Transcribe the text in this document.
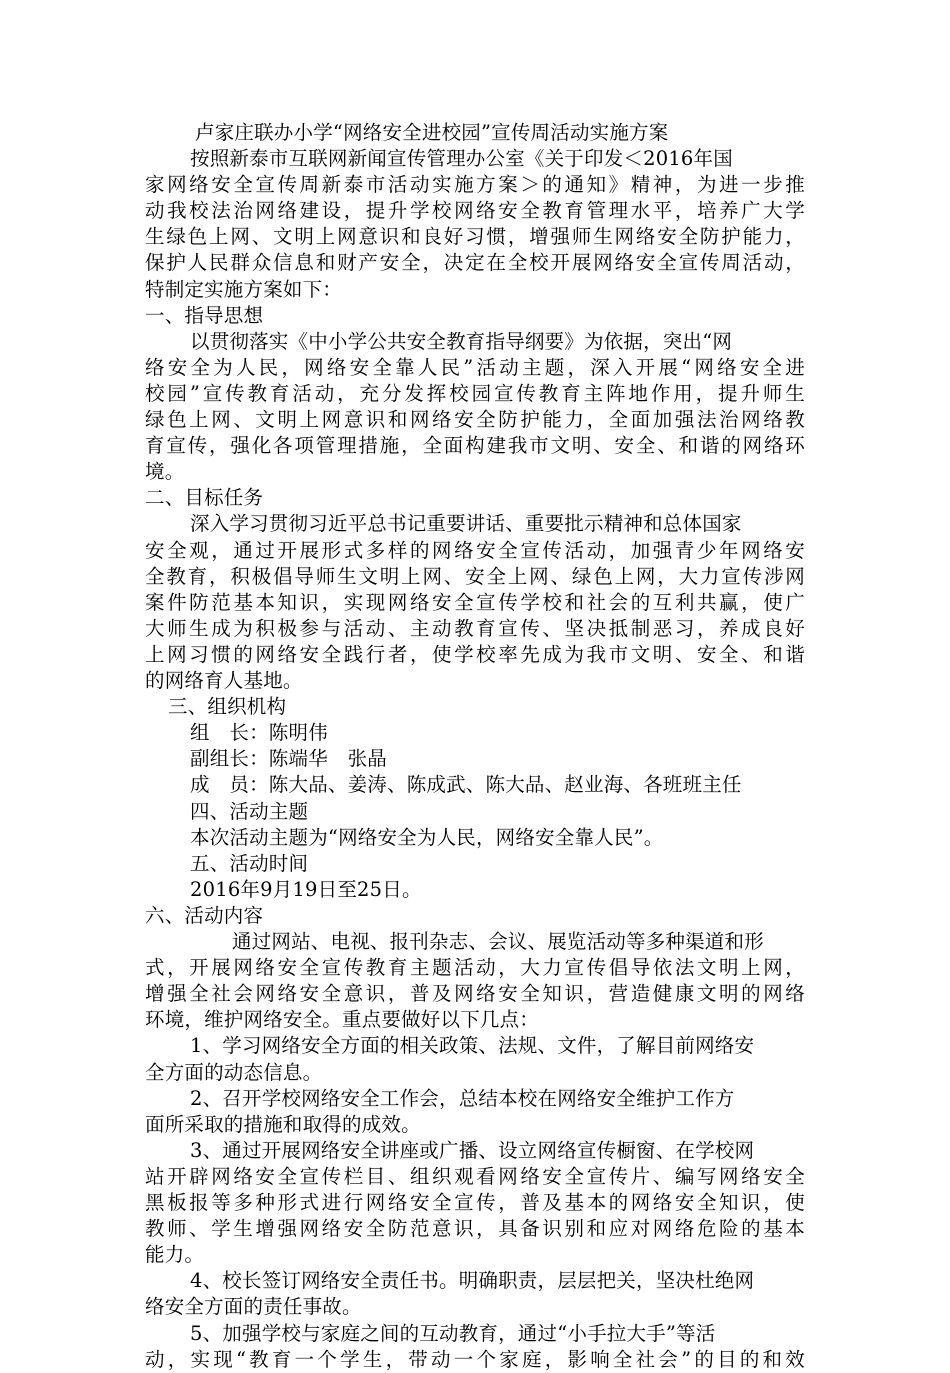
卢家庄联办小学“网络安全进校园”宣传周活动实施方案
按照新泰市互联网新闻宣传管理办公室《关于印发＜2016年国
家网络安全宣传周新泰市活动实施方案＞的通知》精神，为进一步推
动我校法治网络建设，提升学校网络安全教育管理水平，培养广大学
生绿色上网、文明上网意识和良好习惯，增强师生网络安全防护能力，
保护人民群众信息和财产安全，决定在全校开展网络安全宣传周活动，
特制定实施方案如下：
一、指导思想
以贯彻落实《中小学公共安全教育指导纲要》为依据，突出“网
络安全为人民，网络安全靠人民”活动主题，深入开展“网络安全进
校园”宣传教育活动，充分发挥校园宣传教育主阵地作用，提升师生
绿色上网、文明上网意识和网络安全防护能力，全面加强法治网络教
育宣传，强化各项管理措施，全面构建我市文明、安全、和谐的网络环
境。
二、目标任务
深入学习贯彻习近平总书记重要讲话、重要批示精神和总体国家
安全观，通过开展形式多样的网络安全宣传活动，加强青少年网络安
全教育，积极倡导师生文明上网、安全上网、绿色上网，大力宣传涉网
案件防范基本知识，实现网络安全宣传学校和社会的互利共赢，使广
大师生成为积极参与活动、主动教育宣传、坚决抵制恶习，养成良好
上网习惯的网络安全践行者，使学校率先成为我市文明、安全、和谐
的网络育人基地。
三、组织机构
组　长：陈明伟
副组长：陈端华　张晶
成　员：陈大品、姜涛、陈成武、陈大品、赵业海、各班班主任
四、活动主题
本次活动主题为“网络安全为人民，网络安全靠人民”。
五、活动时间
2016年9月19日至25日。
六、活动内容
通过网站、电视、报刊杂志、会议、展览活动等多种渠道和形
式，开展网络安全宣传教育主题活动，大力宣传倡导依法文明上网，
增强全社会网络安全意识，普及网络安全知识，营造健康文明的网络
环境，维护网络安全。重点要做好以下几点：
1、学习网络安全方面的相关政策、法规、文件，了解目前网络安
全方面的动态信息。
2、召开学校网络安全工作会，总结本校在网络安全维护工作方
面所采取的措施和取得的成效。
3、通过开展网络安全讲座或广播、设立网络宣传橱窗、在学校网
站开辟网络安全宣传栏目、组织观看网络安全宣传片、编写网络安全
黑板报等多种形式进行网络安全宣传，普及基本的网络安全知识，使
教师、学生增强网络安全防范意识，具备识别和应对网络危险的基本
能力。
4、校长签订网络安全责任书。明确职责，层层把关，坚决杜绝网
络安全方面的责任事故。
5、加强学校与家庭之间的互动教育，通过“小手拉大手”等活
动，实现“教育一个学生，带动一个家庭，影响全社会”的目的和效
